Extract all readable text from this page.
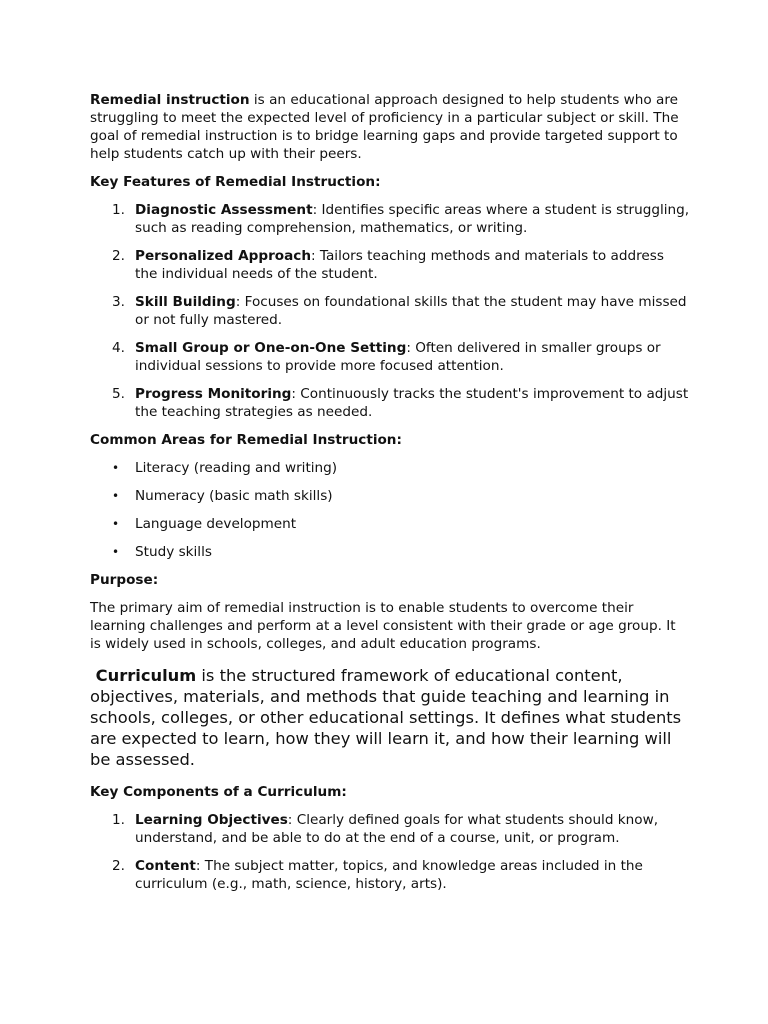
Remedial instruction is an educational approach designed to help students who are struggling to meet the expected level of proficiency in a particular subject or skill. The goal of remedial instruction is to bridge learning gaps and provide targeted support to help students catch up with their peers.

Key Features of Remedial Instruction:

1. Diagnostic Assessment: Identifies specific areas where a student is struggling, such as reading comprehension, mathematics, or writing.
2. Personalized Approach: Tailors teaching methods and materials to address the individual needs of the student.
3. Skill Building: Focuses on foundational skills that the student may have missed or not fully mastered.
4. Small Group or One-on-One Setting: Often delivered in smaller groups or individual sessions to provide more focused attention.
5. Progress Monitoring: Continuously tracks the student's improvement to adjust the teaching strategies as needed.

Common Areas for Remedial Instruction:

• Literacy (reading and writing)
• Numeracy (basic math skills)
• Language development
• Study skills

Purpose:

The primary aim of remedial instruction is to enable students to overcome their learning challenges and perform at a level consistent with their grade or age group. It is widely used in schools, colleges, and adult education programs.

Curriculum is the structured framework of educational content, objectives, materials, and methods that guide teaching and learning in schools, colleges, or other educational settings. It defines what students are expected to learn, how they will learn it, and how their learning will be assessed.

Key Components of a Curriculum:

1. Learning Objectives: Clearly defined goals for what students should know, understand, and be able to do at the end of a course, unit, or program.
2. Content: The subject matter, topics, and knowledge areas included in the curriculum (e.g., math, science, history, arts).
